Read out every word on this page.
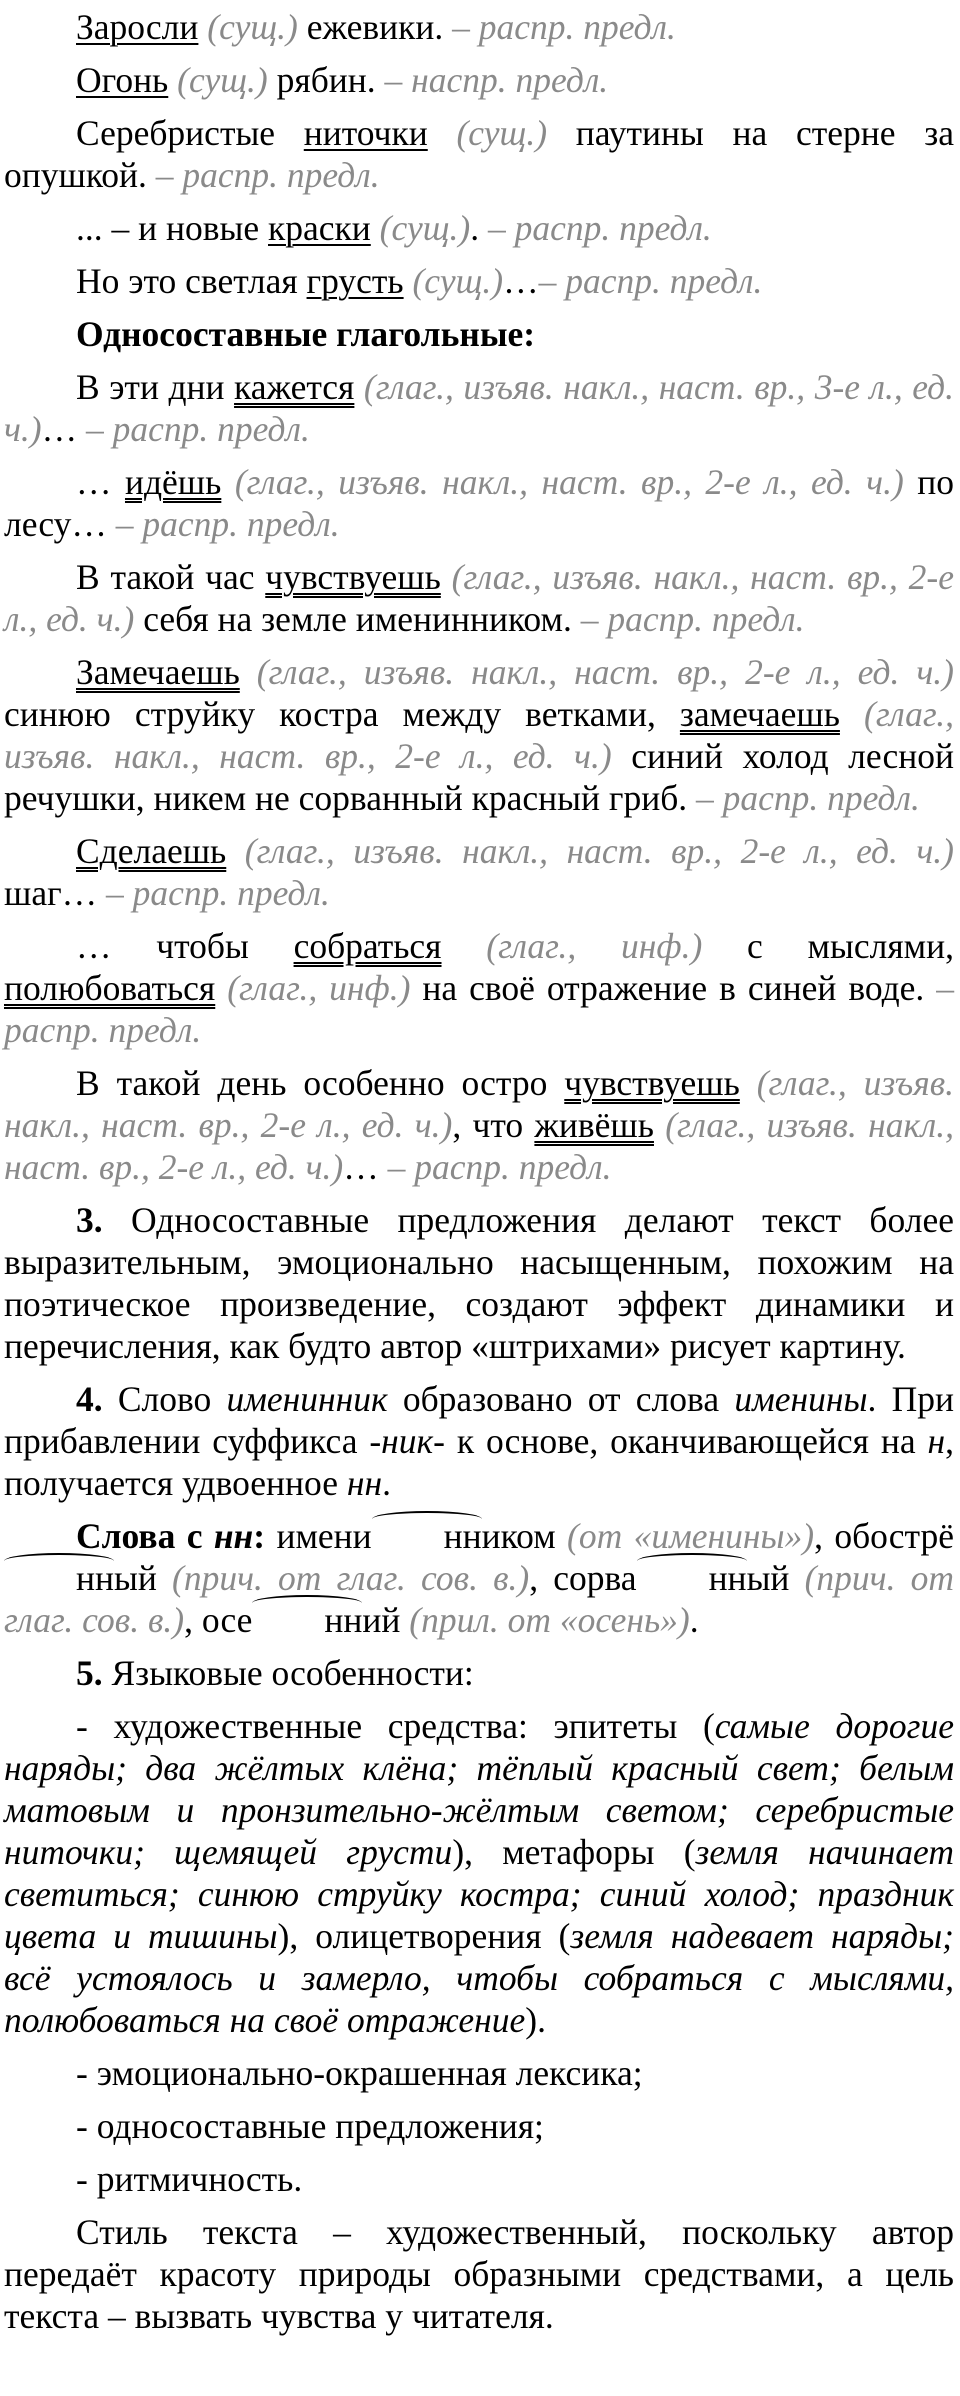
Заросли (сущ.) ежевики. – распр. предл.

Огонь (сущ.) рябин. – наспр. предл.

Серебристые ниточки (сущ.) паутины на стерне за опушкой. – распр. предл.

... – и новые краски (сущ.). – распр. предл.

Но это светлая грусть (сущ.)…– распр. предл.

Односоставные глагольные:

В эти дни кажется (глаг., изъяв. накл., наст. вр., 3-е л., ед. ч.)… – распр. предл.

… идёшь (глаг., изъяв. накл., наст. вр., 2-е л., ед. ч.) по лесу… – распр. предл.

В такой час чувствуешь (глаг., изъяв. накл., наст. вр., 2-е л., ед. ч.) себя на земле именинником. – распр. предл.

Замечаешь (глаг., изъяв. накл., наст. вр., 2-е л., ед. ч.) синюю струйку костра между ветками, замечаешь (глаг., изъяв. накл., наст. вр., 2-е л., ед. ч.) синий холод лесной речушки, никем не сорванный красный гриб. – распр. предл.

Сделаешь (глаг., изъяв. накл., наст. вр., 2-е л., ед. ч.) шаг… – распр. предл.

… чтобы собраться (глаг., инф.) с мыслями, полюбоваться (глаг., инф.) на своё отражение в синей воде. – распр. предл.

В такой день особенно остро чувствуешь (глаг., изъяв. накл., наст. вр., 2-е л., ед. ч.), что живёшь (глаг., изъяв. накл., наст. вр., 2-е л., ед. ч.)… – распр. предл.

3. Односоставные предложения делают текст более выразительным, эмоционально насыщенным, похожим на поэтическое произведение, создают эффект динамики и перечисления, как будто автор «штрихами» рисует картину.

4. Слово именинник образовано от слова именины. При прибавлении суффикса -ник- к основе, оканчивающейся на н, получается удвоенное нн.

Слова с нн: имени нником (от «именины»), обострённый (прич. от глаг. сов. в.), сорва нный (прич. от глаг. сов. в.), осе нний (прил. от «осень»).

5. Языковые особенности:

- художественные средства: эпитеты (самые дорогие наряды; два жёлтых клёна; тёплый красный свет; белым матовым и пронзительно-жёлтым светом; серебристые ниточки; щемящей грусти), метафоры (земля начинает светиться; синюю струйку костра; синий холод; праздник цвета и тишины), олицетворения (земля надевает наряды; всё устоялось и замерло, чтобы собраться с мыслями, полюбоваться на своё отражение).

- эмоционально-окрашенная лексика;

- односоставные предложения;

- ритмичность.

Стиль текста – художественный, поскольку автор передаёт красоту природы образными средствами, а цель текста – вызвать чувства у читателя.
